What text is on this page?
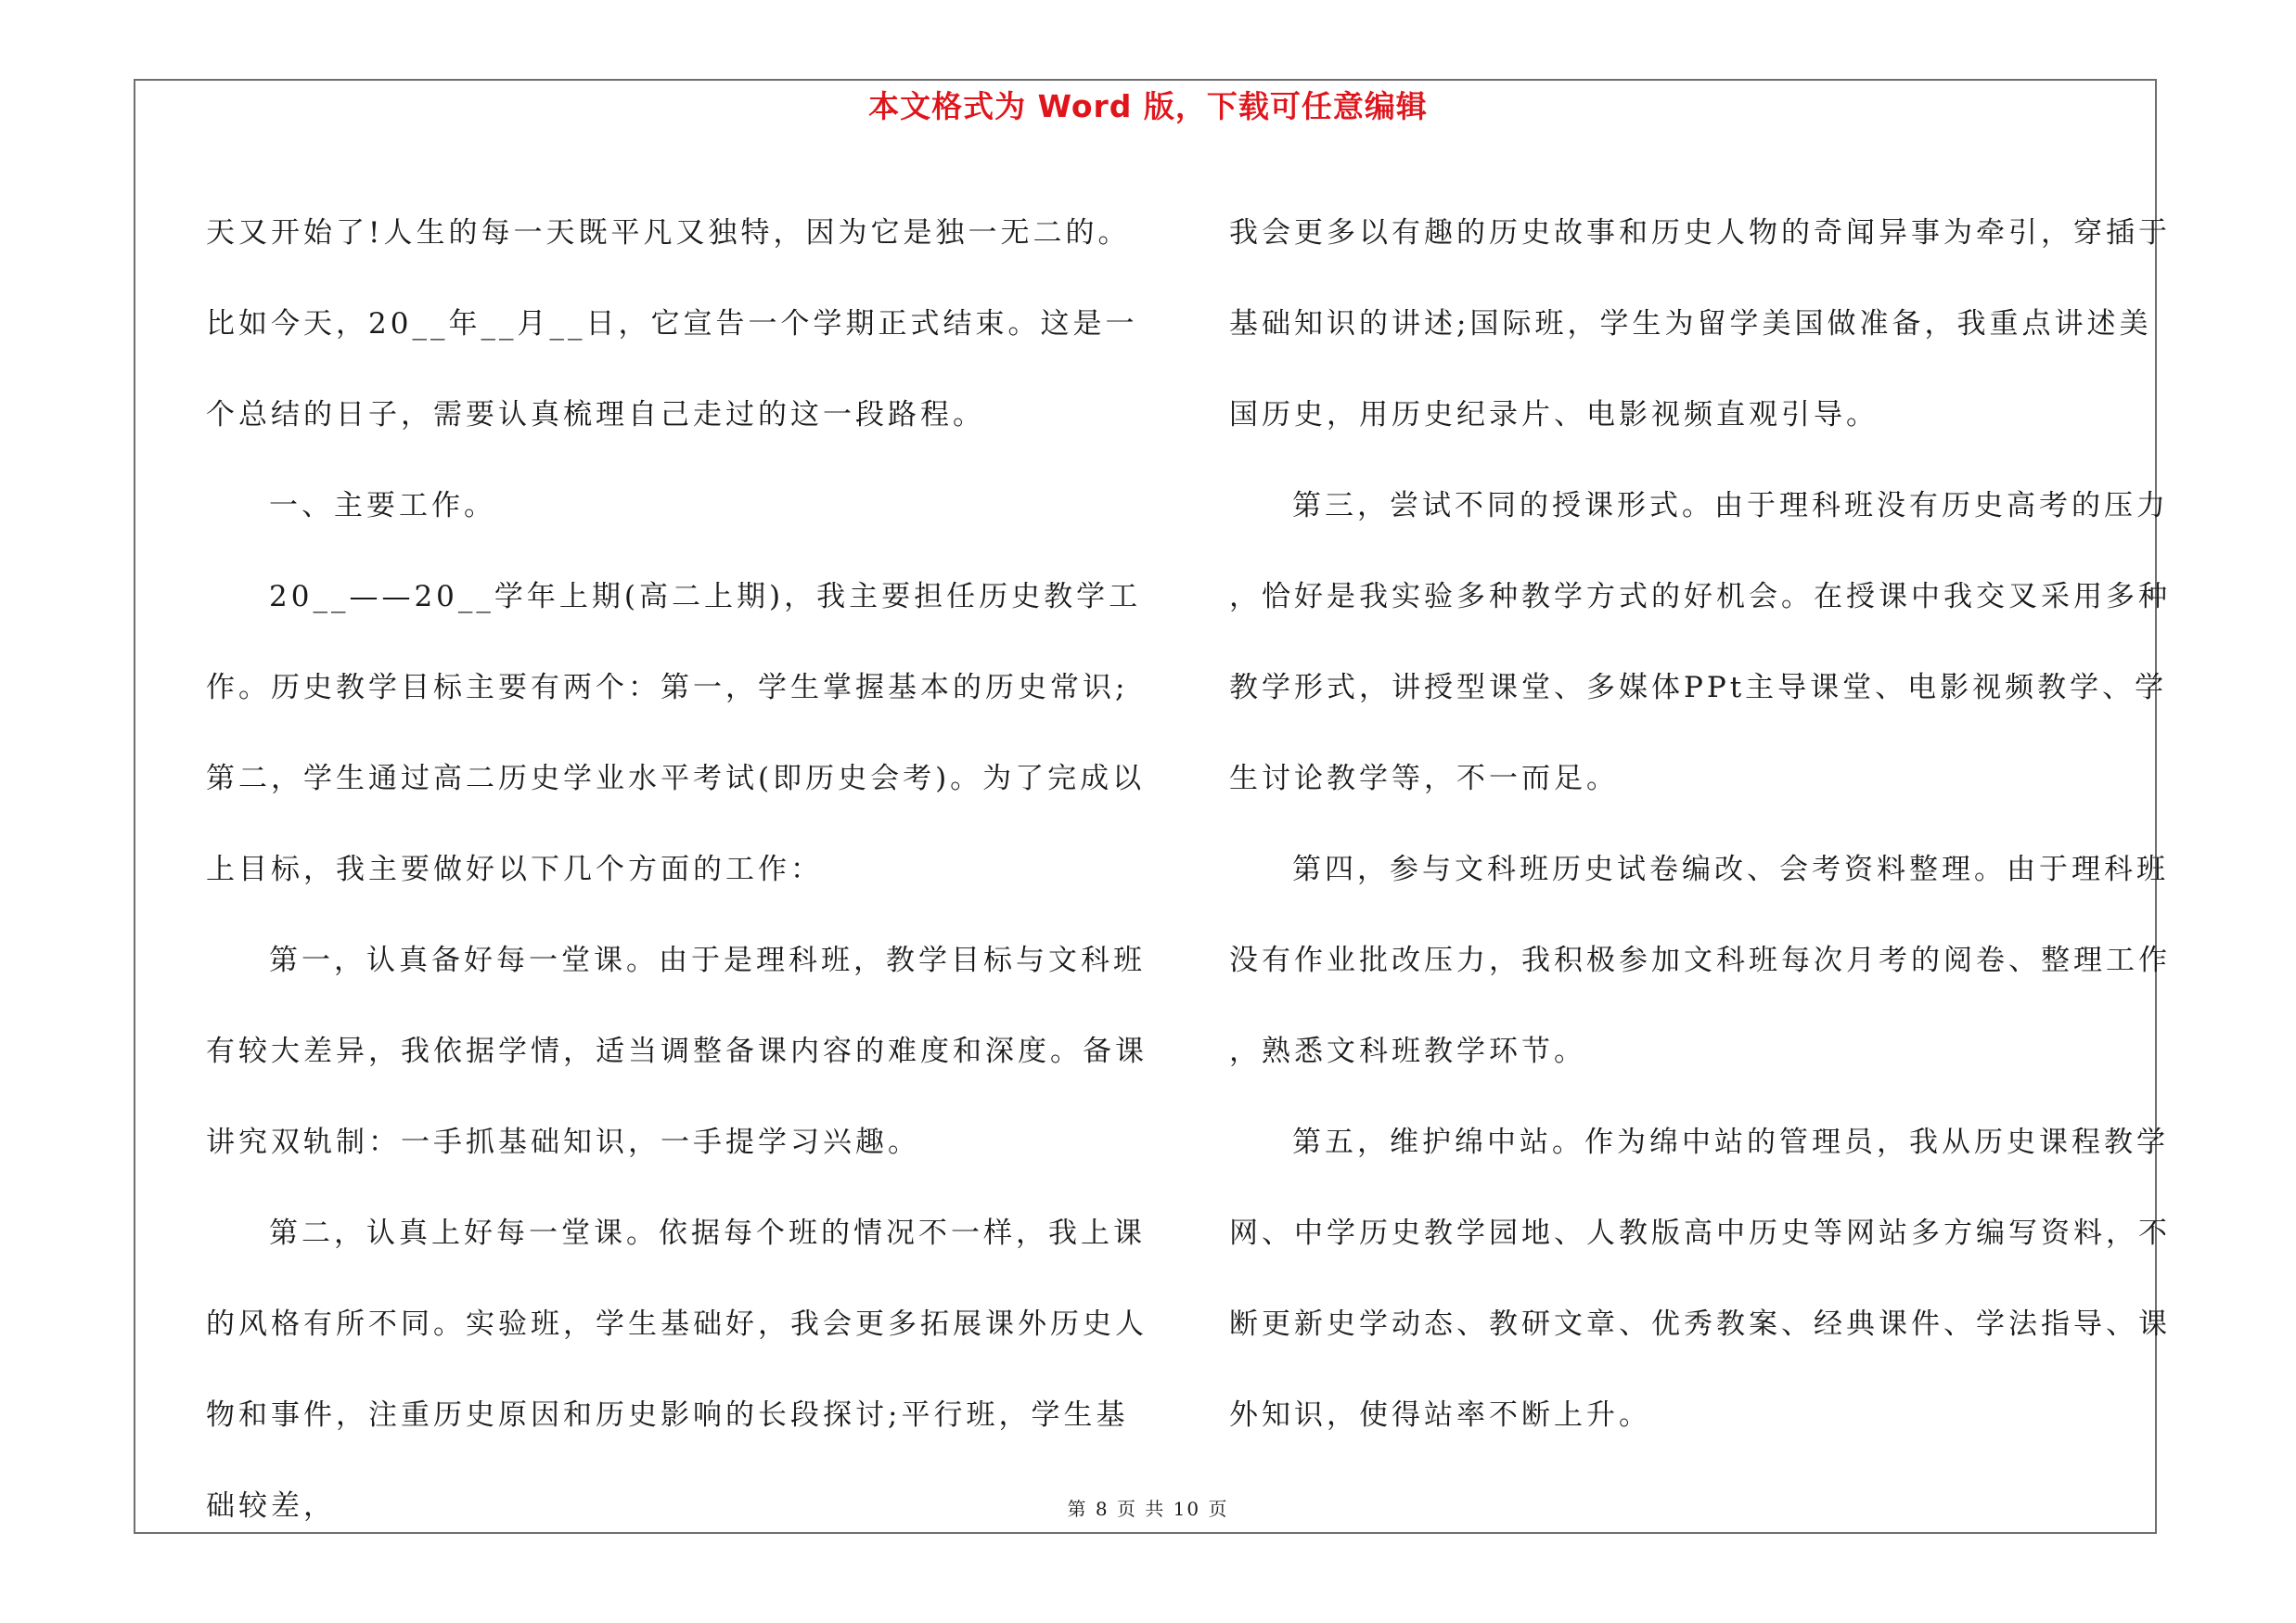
本文格式为 Word 版，下载可任意编辑

天又开始了!人生的每一天既平凡又独特，因为它是独一无二的。比如今天，20__年__月__日，它宣告一个学期正式结束。这是一个总结的日子，需要认真梳理自己走过的这一段路程。

一、主要工作。

20__——20__学年上期(高二上期)，我主要担任历史教学工作。历史教学目标主要有两个：第一，学生掌握基本的历史常识;第二，学生通过高二历史学业水平考试(即历史会考)。为了完成以上目标，我主要做好以下几个方面的工作：

第一，认真备好每一堂课。由于是理科班，教学目标与文科班有较大差异，我依据学情，适当调整备课内容的难度和深度。备课讲究双轨制：一手抓基础知识，一手提学习兴趣。

第二，认真上好每一堂课。依据每个班的情况不一样，我上课的风格有所不同。实验班，学生基础好，我会更多拓展课外历史人物和事件，注重历史原因和历史影响的长段探讨;平行班，学生基础较差，

我会更多以有趣的历史故事和历史人物的奇闻异事为牵引，穿插于基础知识的讲述;国际班，学生为留学美国做准备，我重点讲述美国历史，用历史纪录片、电影视频直观引导。

第三，尝试不同的授课形式。由于理科班没有历史高考的压力，恰好是我实验多种教学方式的好机会。在授课中我交叉采用多种教学形式，讲授型课堂、多媒体PPt主导课堂、电影视频教学、学生讨论教学等，不一而足。

第四，参与文科班历史试卷编改、会考资料整理。由于理科班没有作业批改压力，我积极参加文科班每次月考的阅卷、整理工作，熟悉文科班教学环节。

第五，维护绵中站。作为绵中站的管理员，我从历史课程教学网、中学历史教学园地、人教版高中历史等网站多方编写资料，不断更新史学动态、教研文章、优秀教案、经典课件、学法指导、课外知识，使得站率不断上升。

第 8 页 共 10 页
